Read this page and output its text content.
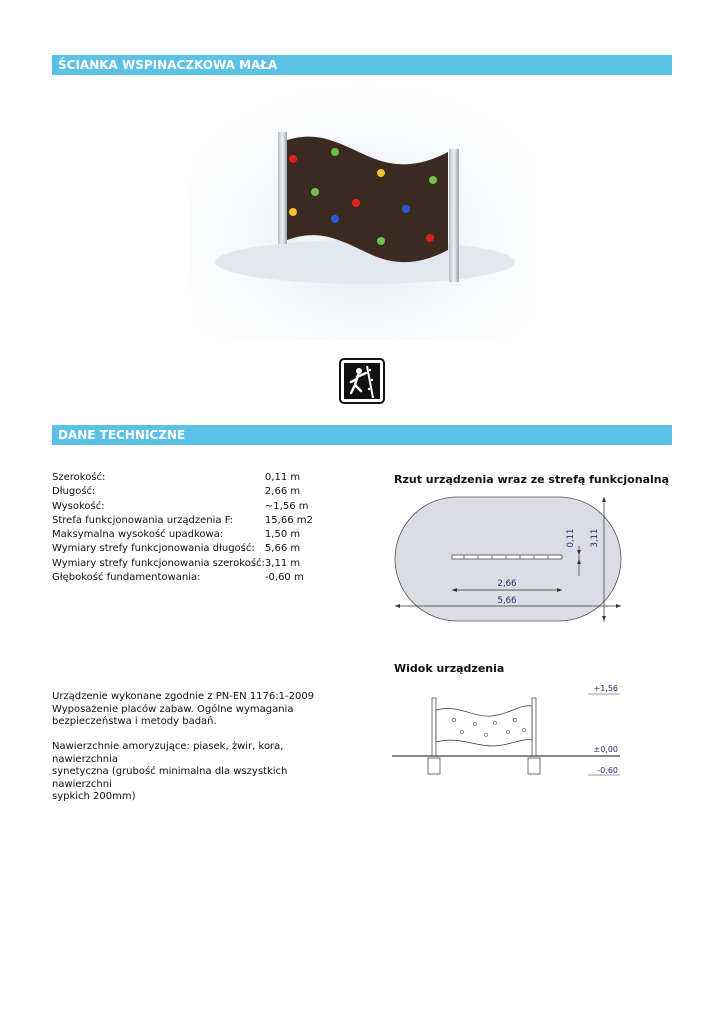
ŚCIANKA WSPINACZKOWA MAŁA
DANE TECHNICZNE
Szerokość:	0,11 m
Długość:	2,66 m
Wysokość:	~1,56 m
Strefa funkcjonowania urządzenia F:	15,66 m2
Maksymalna wysokość upadkowa:	1,50 m
Wymiary strefy funkcjonowania długość:	5,66 m
Wymiary strefy funkcjonowania szerokość:	3,11 m
Głębokość fundamentowania:	-0,60 m
Rzut urządzenia wraz ze strefą funkcjonalną
2,66
5,66
0,11 3,11
Widok urządzenia
+1,56
±0,00
-0,60
Urządzenie wykonane zgodnie z PN-EN 1176:1-2009
Wyposażenie placów zabaw. Ogólne wymagania
bezpieczeństwa i metody badań.
Nawierzchnie amoryzujące: piasek, żwir, kora, nawierzchnia
synetyczna (grubość minimalna dla wszystkich nawierzchni
sypkich 200mm)
